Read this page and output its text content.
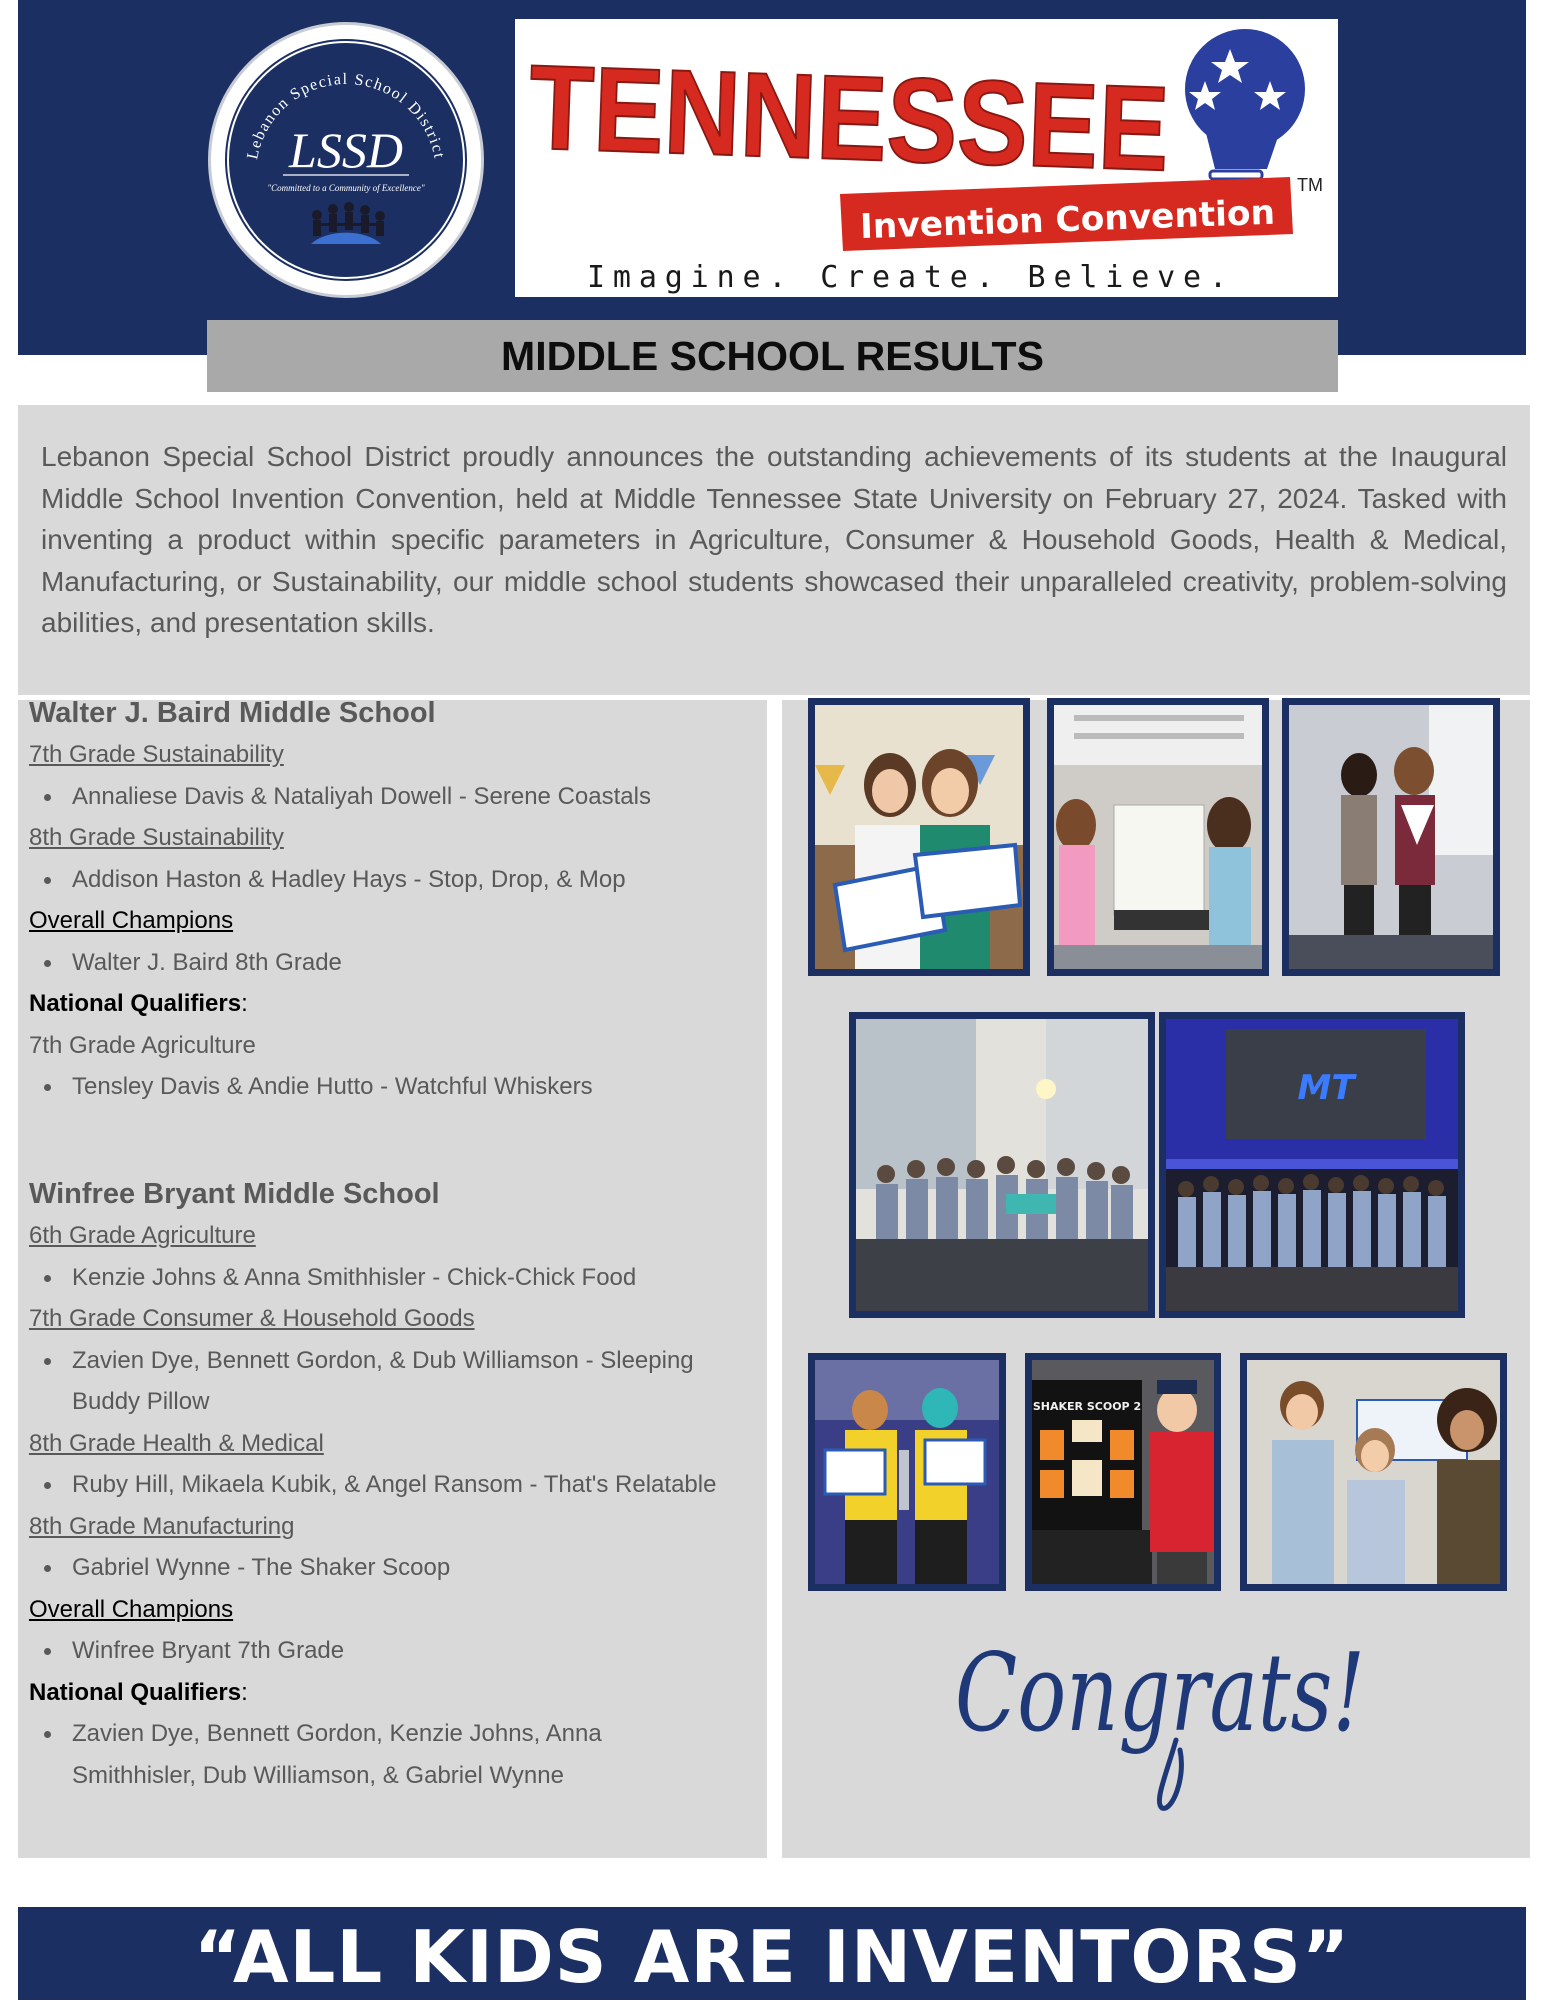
Lebanon Special School District
LSSD
"Committed to a Community of Excellence" TENNESSEE
Invention Convention
TM
Imagine. Create. Believe.
MIDDLE SCHOOL RESULTS

Lebanon Special School District proudly announces the outstanding achievements of its students at the Inaugural Middle School Invention Convention, held at Middle Tennessee State University on February 27, 2024. Tasked with inventing a product within specific parameters in Agriculture, Consumer & Household Goods, Health & Medical, Manufacturing, or Sustainability, our middle school students showcased their unparalleled creativity, problem-solving abilities, and presentation skills.

Walter J. Baird Middle School
7th Grade Sustainability
Annaliese Davis & Nataliyah Dowell - Serene Coastals
8th Grade Sustainability
Addison Haston & Hadley Hays - Stop, Drop, & Mop
Overall Champions
Walter J. Baird 8th Grade
National Qualifiers:
7th Grade Agriculture
Tensley Davis & Andie Hutto - Watchful Whiskers
Winfree Bryant Middle School
6th Grade Agriculture
Kenzie Johns & Anna Smithhisler - Chick-Chick Food
7th Grade Consumer & Household Goods
Zavien Dye, Bennett Gordon, & Dub Williamson - Sleeping
Buddy Pillow
8th Grade Health & Medical
Ruby Hill, Mikaela Kubik, & Angel Ransom - That's Relatable
8th Grade Manufacturing
Gabriel Wynne - The Shaker Scoop
Overall Champions
Winfree Bryant 7th Grade
National Qualifiers:
Zavien Dye, Bennett Gordon, Kenzie Johns, Anna
Smithhisler, Dub Williamson, & Gabriel Wynne
MT
SHAKER SCOOP 2
Congrats!
“ALL KIDS ARE INVENTORS”
